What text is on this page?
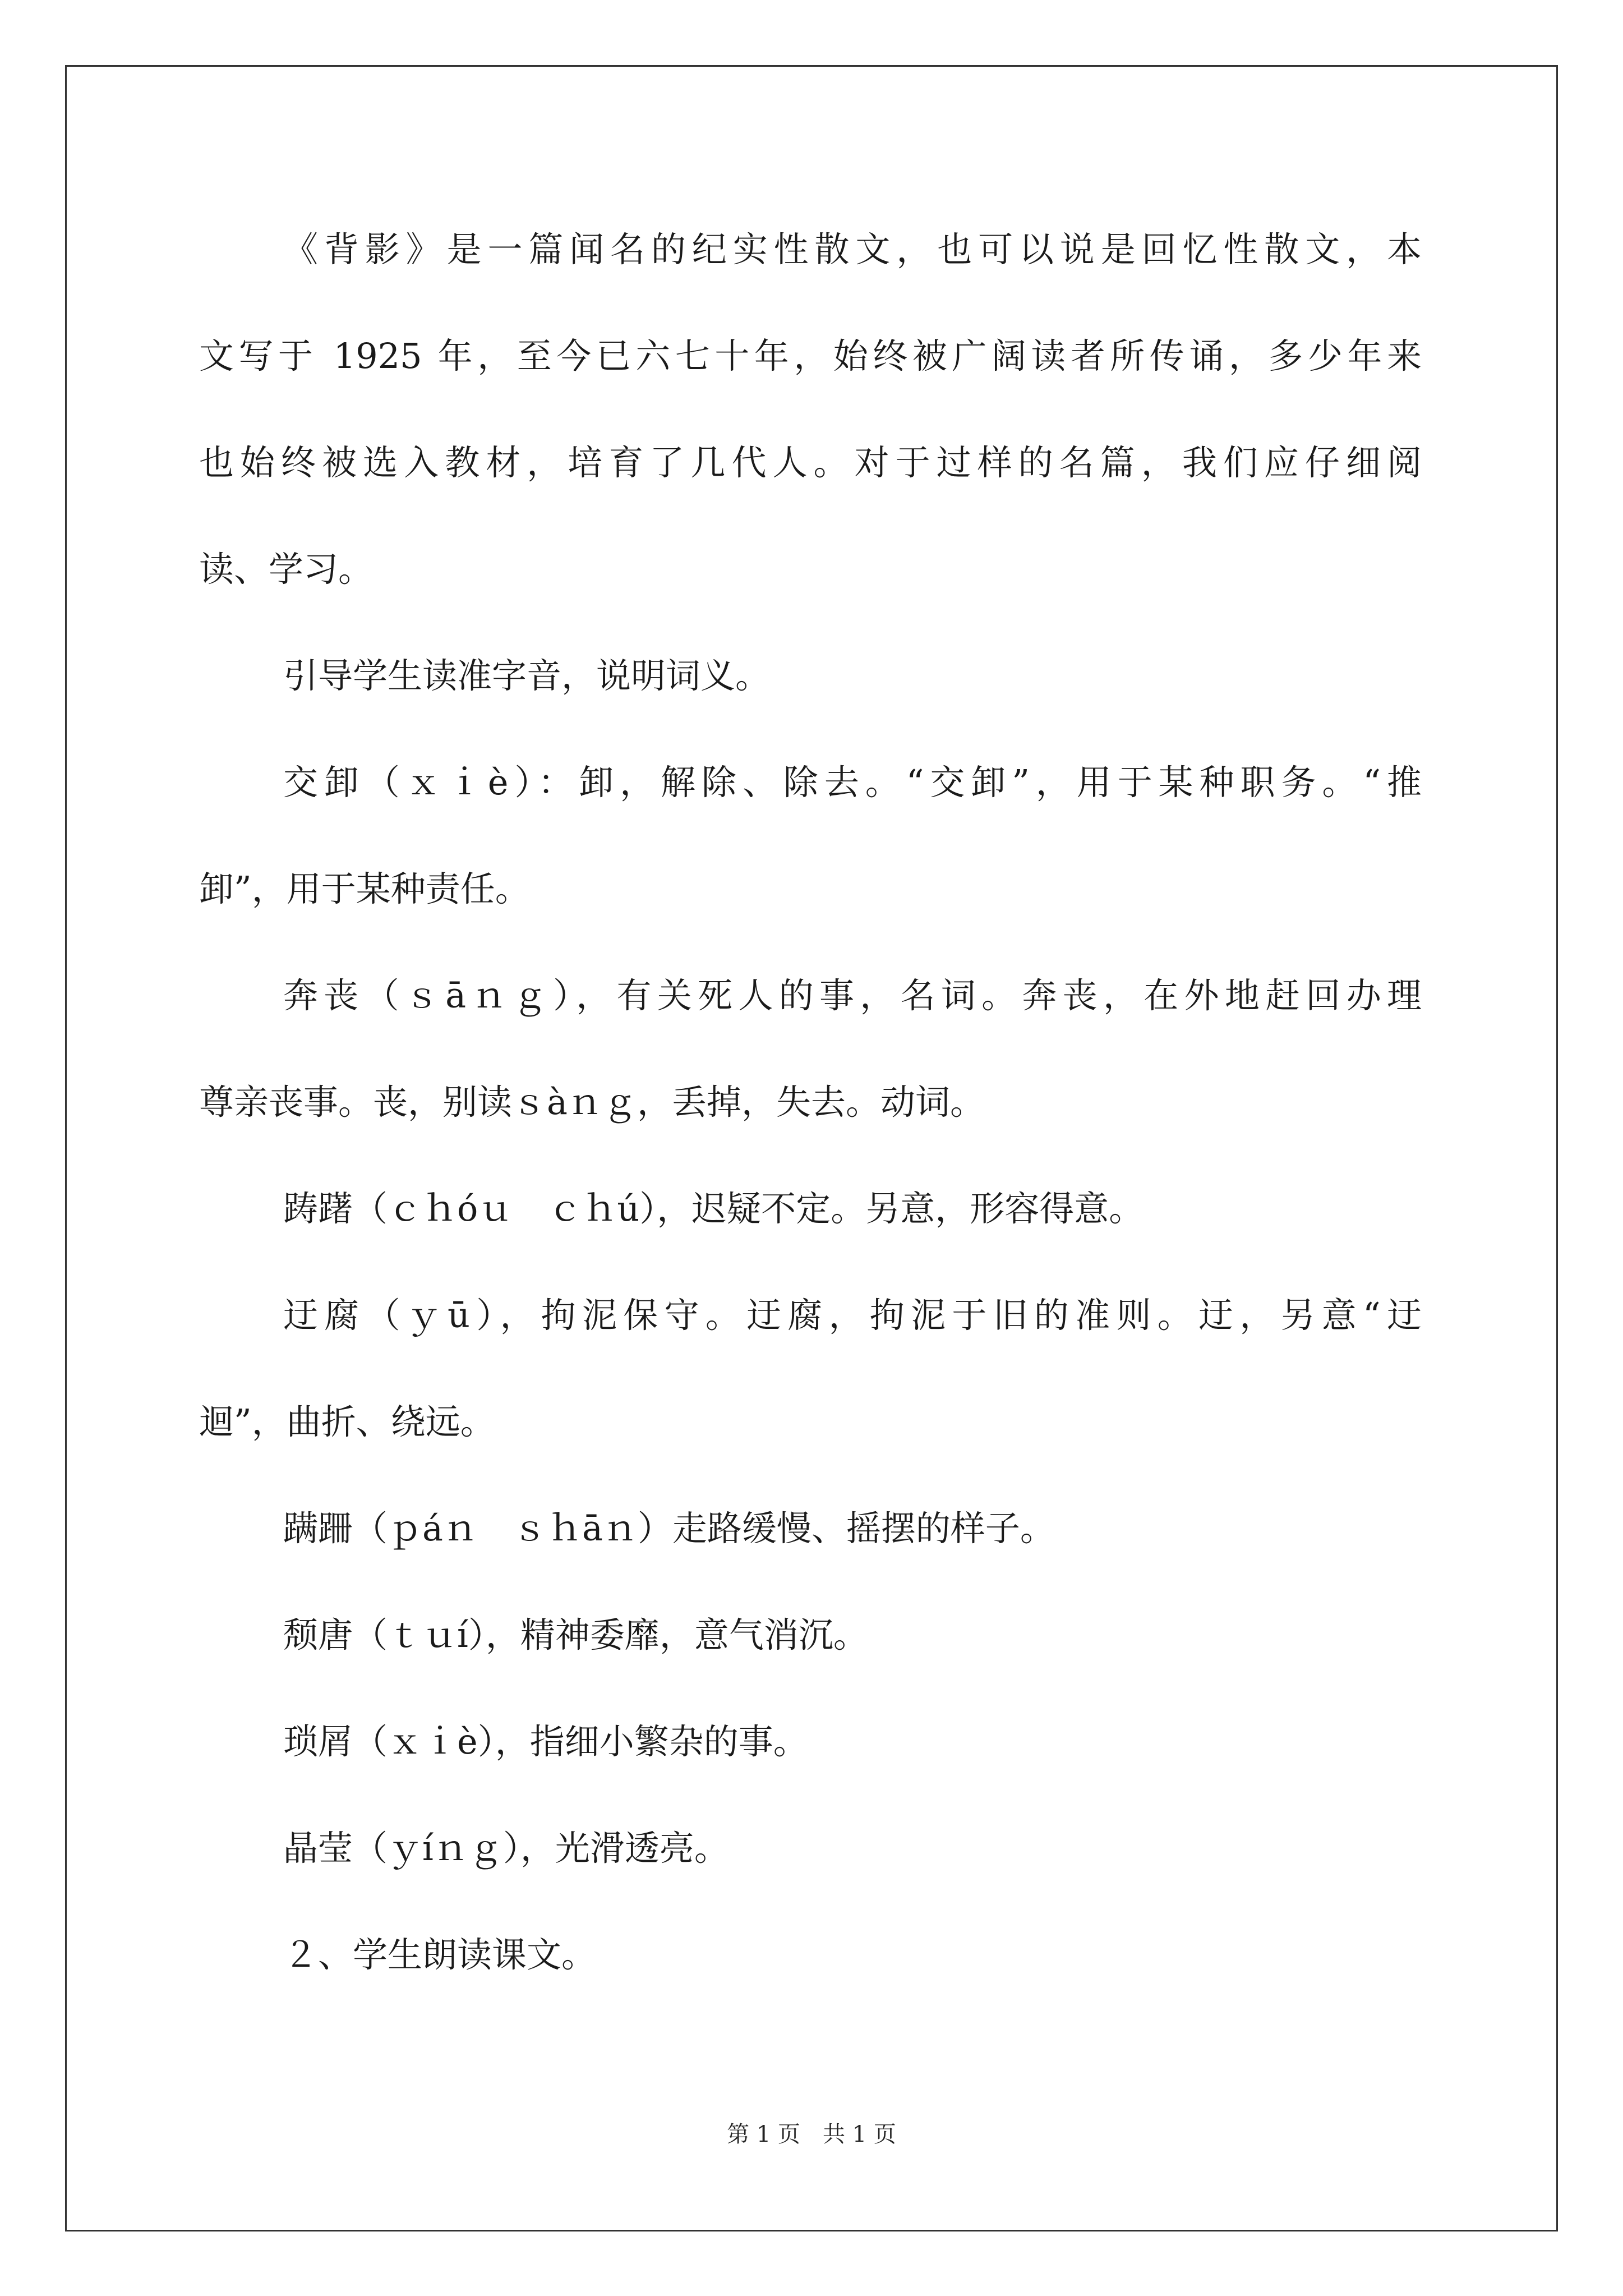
《背影》是一篇闻名的纪实性散文，也可以说是回忆性散文，本
文写于 1925 年，至今已六七十年，始终被广阔读者所传诵，多少年来
也始终被选入教材，培育了几代人。对于过样的名篇，我们应仔细阅
读、学习。
引导学生读准字音，说明词义。
交卸（ｘｉè）：卸，解除、除去。“交卸”，用于某种职务。“推
卸”，用于某种责任。
奔丧（ｓāｎｇ），有关死人的事，名词。奔丧，在外地赶回办理
尊亲丧事。丧，别读ｓàｎｇ，丢掉，失去。动词。
踌躇（ｃｈóｕ　ｃｈú），迟疑不定。另意，形容得意。
迂腐（ｙū），拘泥保守。迂腐，拘泥于旧的准则。迂，另意“迂
迴”，曲折、绕远。
蹒跚（ｐáｎ　ｓｈāｎ）走路缓慢、摇摆的样子。
颓唐（ｔｕí），精神委靡，意气消沉。
琐屑（ｘｉè），指细小繁杂的事。
晶莹（ｙíｎｇ），光滑透亮。
２、学生朗读课文。
第 1 页　共 1 页
